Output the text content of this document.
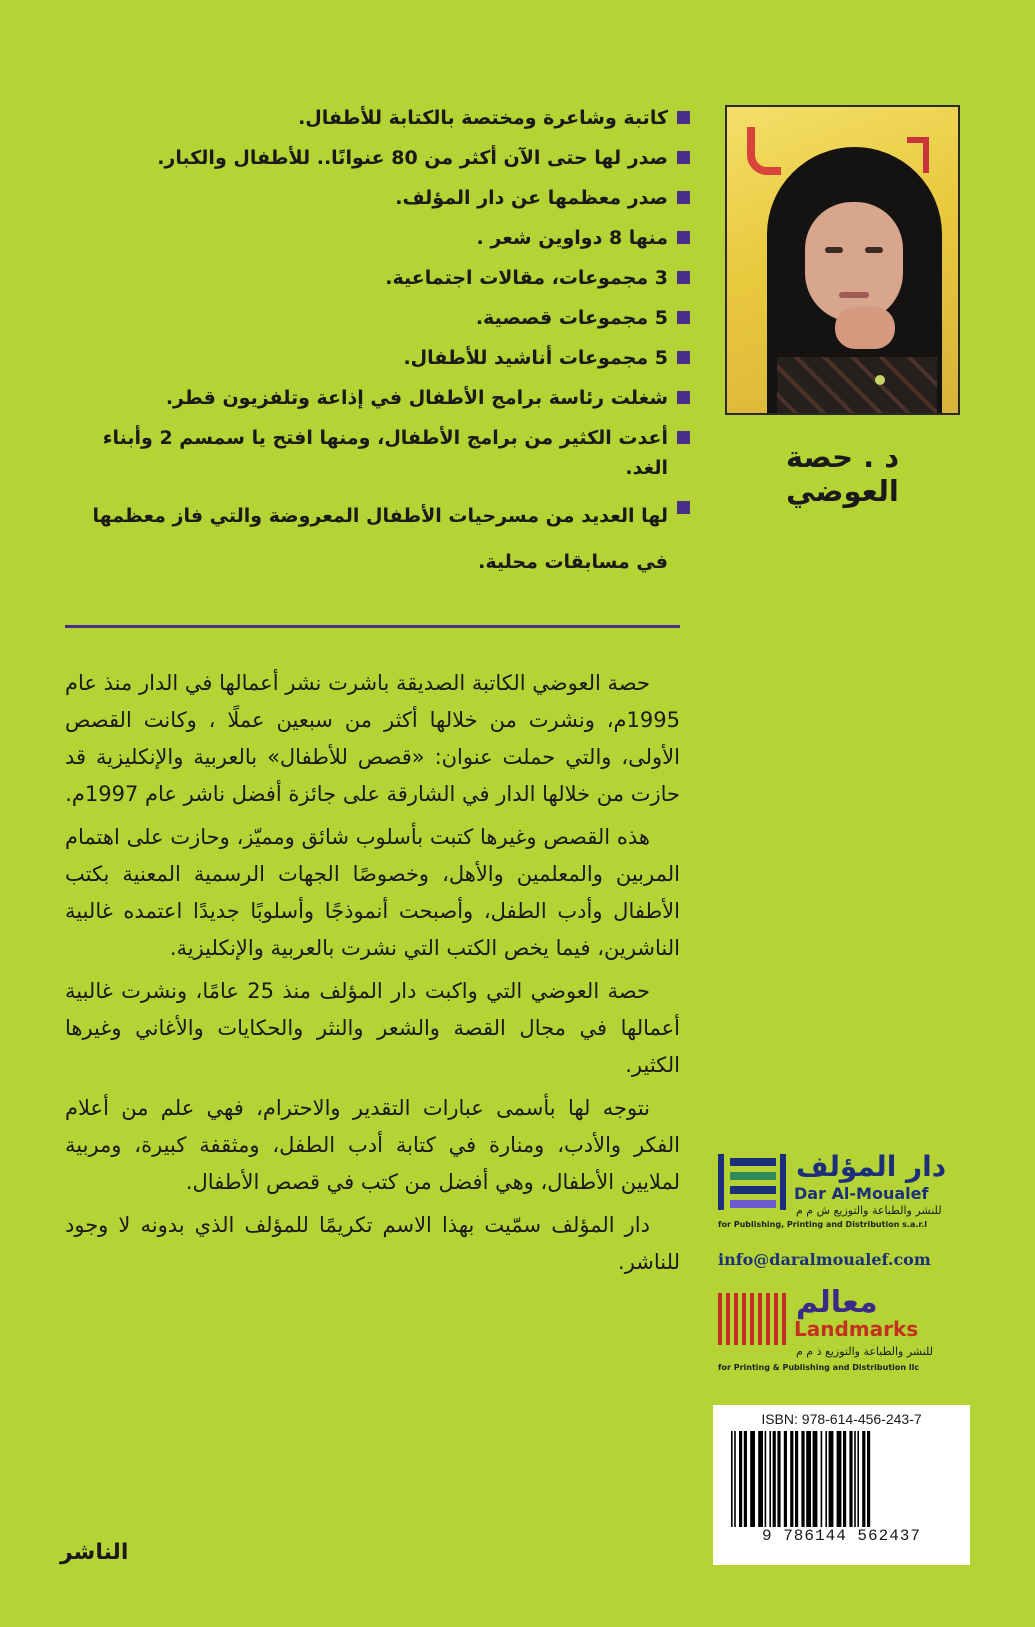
د . حصة العوضي
كاتبة وشاعرة ومختصة بالكتابة للأطفال.
صدر لها حتى الآن أكثر من 80 عنوانًا.. للأطفال والكبار.
صدر معظمها عن دار المؤلف.
منها 8 دواوين شعر .
3 مجموعات، مقالات اجتماعية.
5 مجموعات قصصية.
5 مجموعات أناشيد للأطفال.
شغلت رئاسة برامج الأطفال في إذاعة وتلفزيون قطر.
أعدت الكثير من برامج الأطفال، ومنها افتح يا سمسم 2 وأبناء الغد.
لها العديد من مسرحيات الأطفال المعروضة والتي فاز معظمها في مسابقات محلية.

حصة العوضي الكاتبة الصديقة باشرت نشر أعمالها في الدار منذ عام 1995م، ونشرت من خلالها أكثر من سبعين عملًا ، وكانت القصص الأولى، والتي حملت عنوان: «قصص للأطفال» بالعربية والإنكليزية قد حازت من خلالها الدار في الشارقة على جائزة أفضل ناشر عام 1997م.

هذه القصص وغيرها كتبت بأسلوب شائق ومميّز، وحازت على اهتمام المربين والمعلمين والأهل، وخصوصًا الجهات الرسمية المعنية بكتب الأطفال وأدب الطفل، وأصبحت أنموذجًا وأسلوبًا جديدًا اعتمده غالبية الناشرين، فيما يخص الكتب التي نشرت بالعربية والإنكليزية.

حصة العوضي التي واكبت دار المؤلف منذ 25 عامًا، ونشرت غالبية أعمالها في مجال القصة والشعر والنثر والحكايات والأغاني وغيرها الكثير.

نتوجه لها بأسمى عبارات التقدير والاحترام، فهي علم من أعلام الفكر والأدب، ومنارة في كتابة أدب الطفل، ومثقفة كبيرة، ومربية لملايين الأطفال، وهي أفضل من كتب في قصص الأطفال.

دار المؤلف سمّيت بهذا الاسم تكريمًا للمؤلف الذي بدونه لا وجود للناشر.

الناشر
دار المؤلف
Dar Al-Moualef
للنشر والطباعة والتوزيع ش م م
for Publishing, Printing and Distribution s.a.r.l
info@daralmoualef.com
معالم
Landmarks
للنشر والطباعة والتوزيع ذ م م
for Printing & Publishing and Distribution llc
ISBN: 978-614-456-243-7
9 786144 562437
